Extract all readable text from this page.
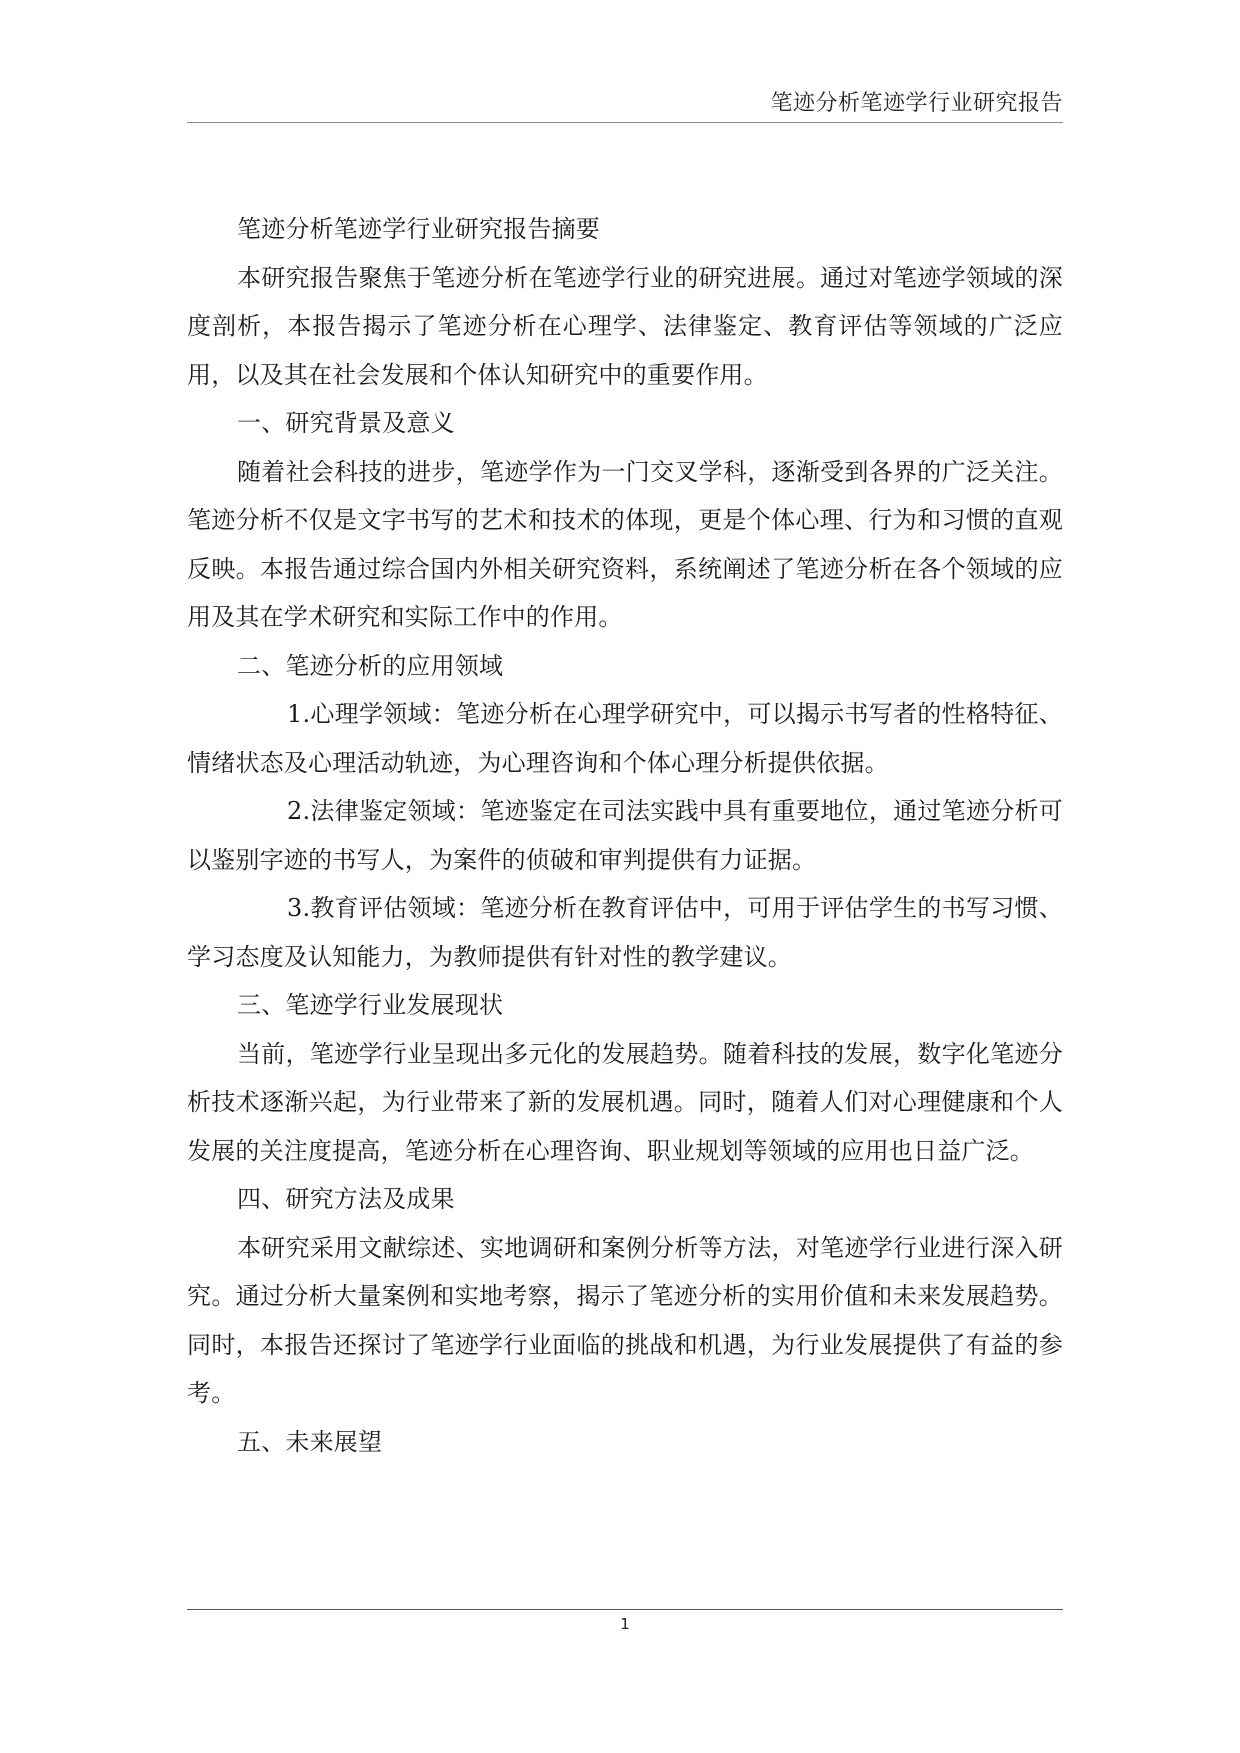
笔迹分析笔迹学行业研究报告

笔迹分析笔迹学行业研究报告摘要

本研究报告聚焦于笔迹分析在笔迹学行业的研究进展。通过对笔迹学领域的深度剖析，本报告揭示了笔迹分析在心理学、法律鉴定、教育评估等领域的广泛应用，以及其在社会发展和个体认知研究中的重要作用。

一、研究背景及意义

随着社会科技的进步，笔迹学作为一门交叉学科，逐渐受到各界的广泛关注。笔迹分析不仅是文字书写的艺术和技术的体现，更是个体心理、行为和习惯的直观反映。本报告通过综合国内外相关研究资料，系统阐述了笔迹分析在各个领域的应用及其在学术研究和实际工作中的作用。

二、笔迹分析的应用领域

1.心理学领域：笔迹分析在心理学研究中，可以揭示书写者的性格特征、情绪状态及心理活动轨迹，为心理咨询和个体心理分析提供依据。

2.法律鉴定领域：笔迹鉴定在司法实践中具有重要地位，通过笔迹分析可以鉴别字迹的书写人，为案件的侦破和审判提供有力证据。

3.教育评估领域：笔迹分析在教育评估中，可用于评估学生的书写习惯、学习态度及认知能力，为教师提供有针对性的教学建议。

三、笔迹学行业发展现状

当前，笔迹学行业呈现出多元化的发展趋势。随着科技的发展，数字化笔迹分析技术逐渐兴起，为行业带来了新的发展机遇。同时，随着人们对心理健康和个人发展的关注度提高，笔迹分析在心理咨询、职业规划等领域的应用也日益广泛。

四、研究方法及成果

本研究采用文献综述、实地调研和案例分析等方法，对笔迹学行业进行深入研究。通过分析大量案例和实地考察，揭示了笔迹分析的实用价值和未来发展趋势。同时，本报告还探讨了笔迹学行业面临的挑战和机遇，为行业发展提供了有益的参考。

五、未来展望

1
